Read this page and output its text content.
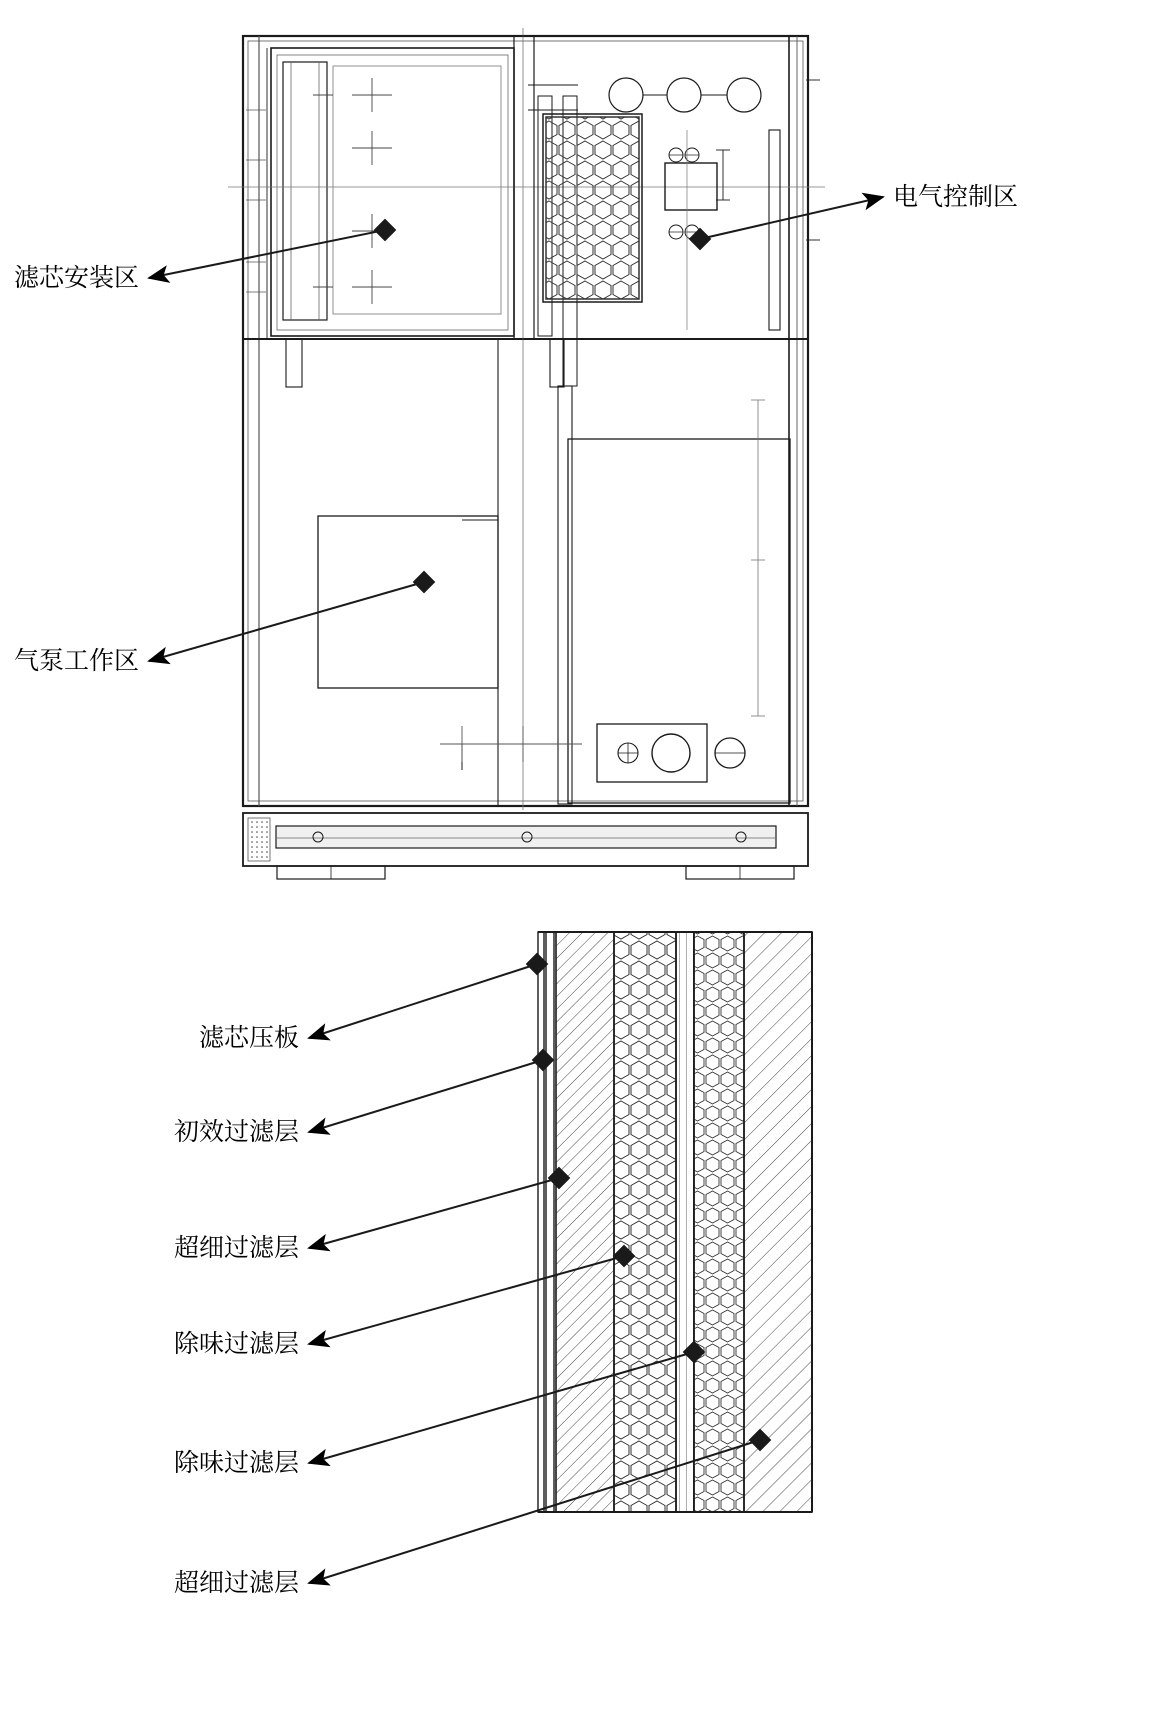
滤芯安装区
电气控制区
气泵工作区
滤芯压板
初效过滤层
超细过滤层
除味过滤层
除味过滤层
超细过滤层
